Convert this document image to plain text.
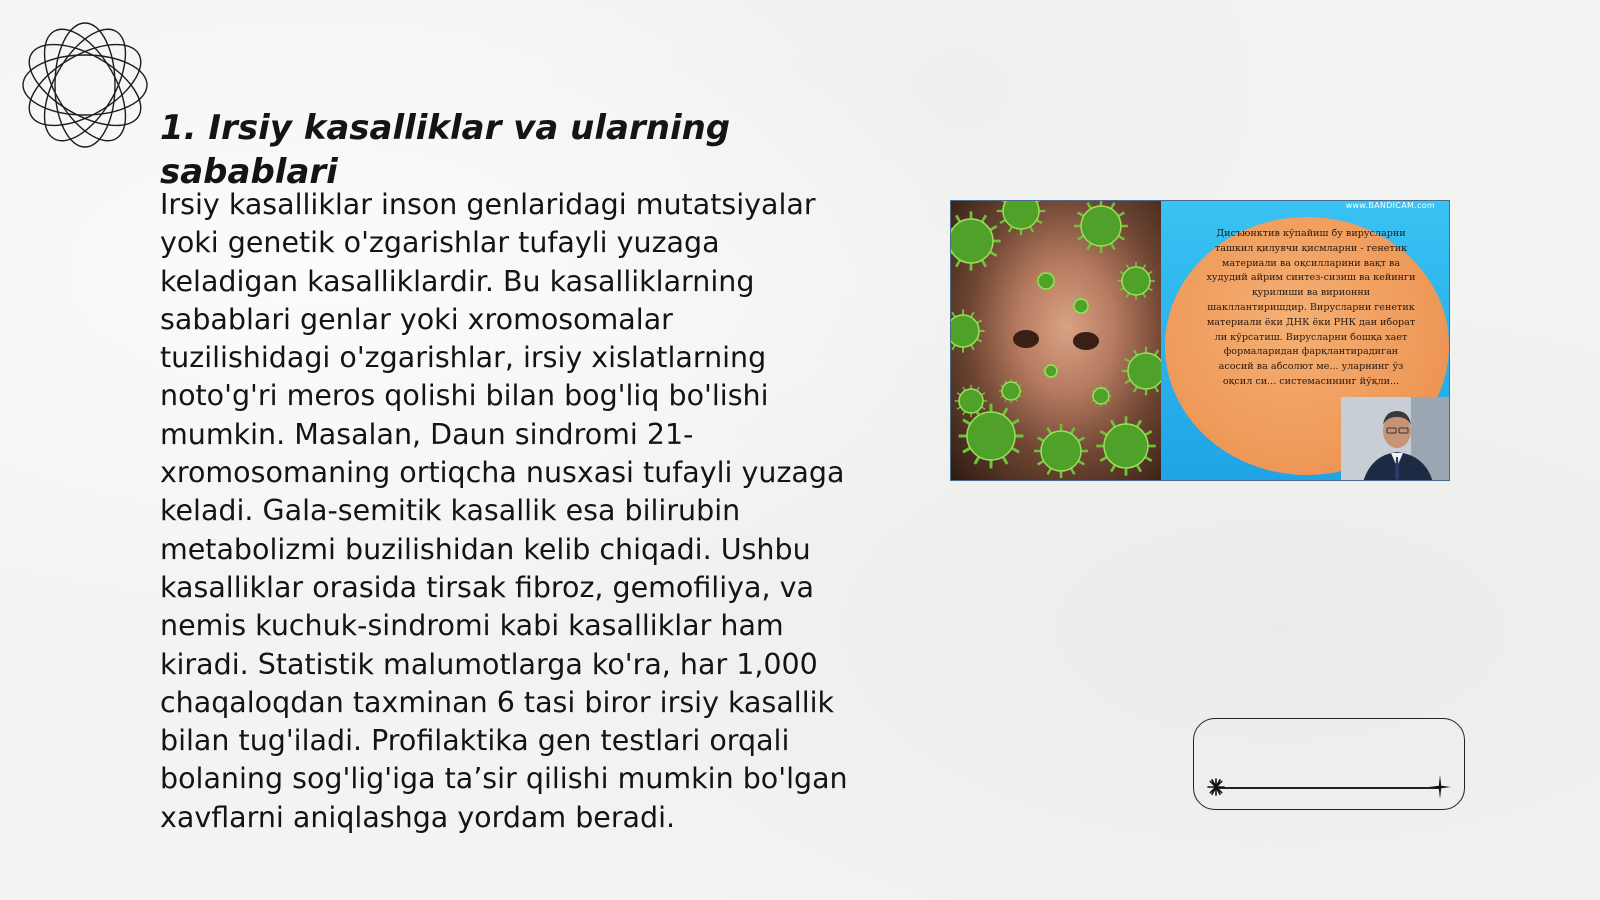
1. Irsiy kasalliklar va ularning sabablari

Irsiy kasalliklar inson genlaridagi mutatsiyalar yoki genetik o'zgarishlar tufayli yuzaga keladigan kasalliklardir. Bu kasalliklarning sabablari genlar yoki xromosomalar tuzilishidagi o'zgarishlar, irsiy xislatlarning noto'g'ri meros qolishi bilan bog'liq bo'lishi mumkin. Masalan, Daun sindromi 21-xromosomaning ortiqcha nusxasi tufayli yuzaga keladi. Gala-semitik kasallik esa bilirubin metabolizmi buzilishidan kelib chiqadi. Ushbu kasalliklar orasida tirsak fibroz, gemofiliya, va nemis kuchuk-sindromi kabi kasalliklar ham kiradi. Statistik malumotlarga ko'ra, har 1,000 chaqaloqdan taxminan 6 tasi biror irsiy kasallik bilan tug'iladi. Profilaktika gen testlari orqali bolaning sog'lig'iga ta’sir qilishi mumkin bo'lgan xavflarni aniqlashga yordam beradi.

Дисъюнктив кўпайиш бу вирусларни ташкил қилувчи қисмларни - генетик материали ва оқсилларини вақт ва худудий айрим синтез-сизиш ва кейинги қурилиши ва вирионни шакллантиришдир. Вирусларни генетик материали ёки ДНК ёки РНК дан иборат ли кўрсатиш. Вирусларни бошқа хает формаларидан фарқлантирадиган асосий ва абсолют ме... уларнинг ўз оқсил си... системасининг йўқли...

www.BANDICAM.com
